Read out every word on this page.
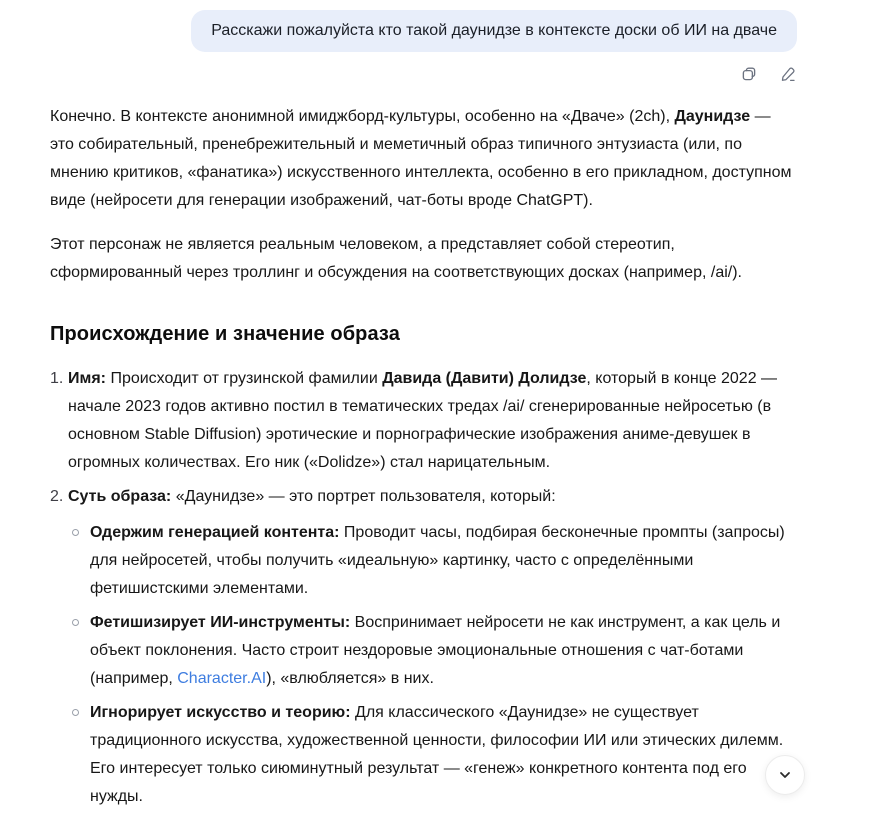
Расскажи пожалуйста кто такой даунидзе в контексте доски об ИИ на дваче

Конечно. В контексте анонимной имиджборд-культуры, особенно на «Дваче» (2ch), Даунидзе — это собирательный, пренебрежительный и меметичный образ типичного энтузиаста (или, по мнению критиков, «фанатика») искусственного интеллекта, особенно в его прикладном, доступном виде (нейросети для генерации изображений, чат-боты вроде ChatGPT).

Этот персонаж не является реальным человеком, а представляет собой стереотип, сформированный через троллинг и обсуждения на соответствующих досках (например, /ai/).

Происхождение и значение образа
1. Имя: Происходит от грузинской фамилии Давида (Давити) Долидзе, который в конце 2022 — начале 2023 годов активно постил в тематических тредах /ai/ сгенерированные нейросетью (в основном Stable Diffusion) эротические и порнографические изображения аниме-девушек в огромных количествах. Его ник («Dolidze») стал нарицательным.
2. Суть образа: «Даунидзе» — это портрет пользователя, который:
Одержим генерацией контента: Проводит часы, подбирая бесконечные промпты (запросы) для нейросетей, чтобы получить «идеальную» картинку, часто с определёнными фетишистскими элементами.
Фетишизирует ИИ-инструменты: Воспринимает нейросети не как инструмент, а как цель и объект поклонения. Часто строит нездоровые эмоциональные отношения с чат-ботами (например, Character.AI), «влюбляется» в них.
Игнорирует искусство и теорию: Для классического «Даунидзе» не существует традиционного искусства, художественной ценности, философии ИИ или этических дилемм. Его интересует только сиюминутный результат — «генеж» конкретного контента под его нужды.
